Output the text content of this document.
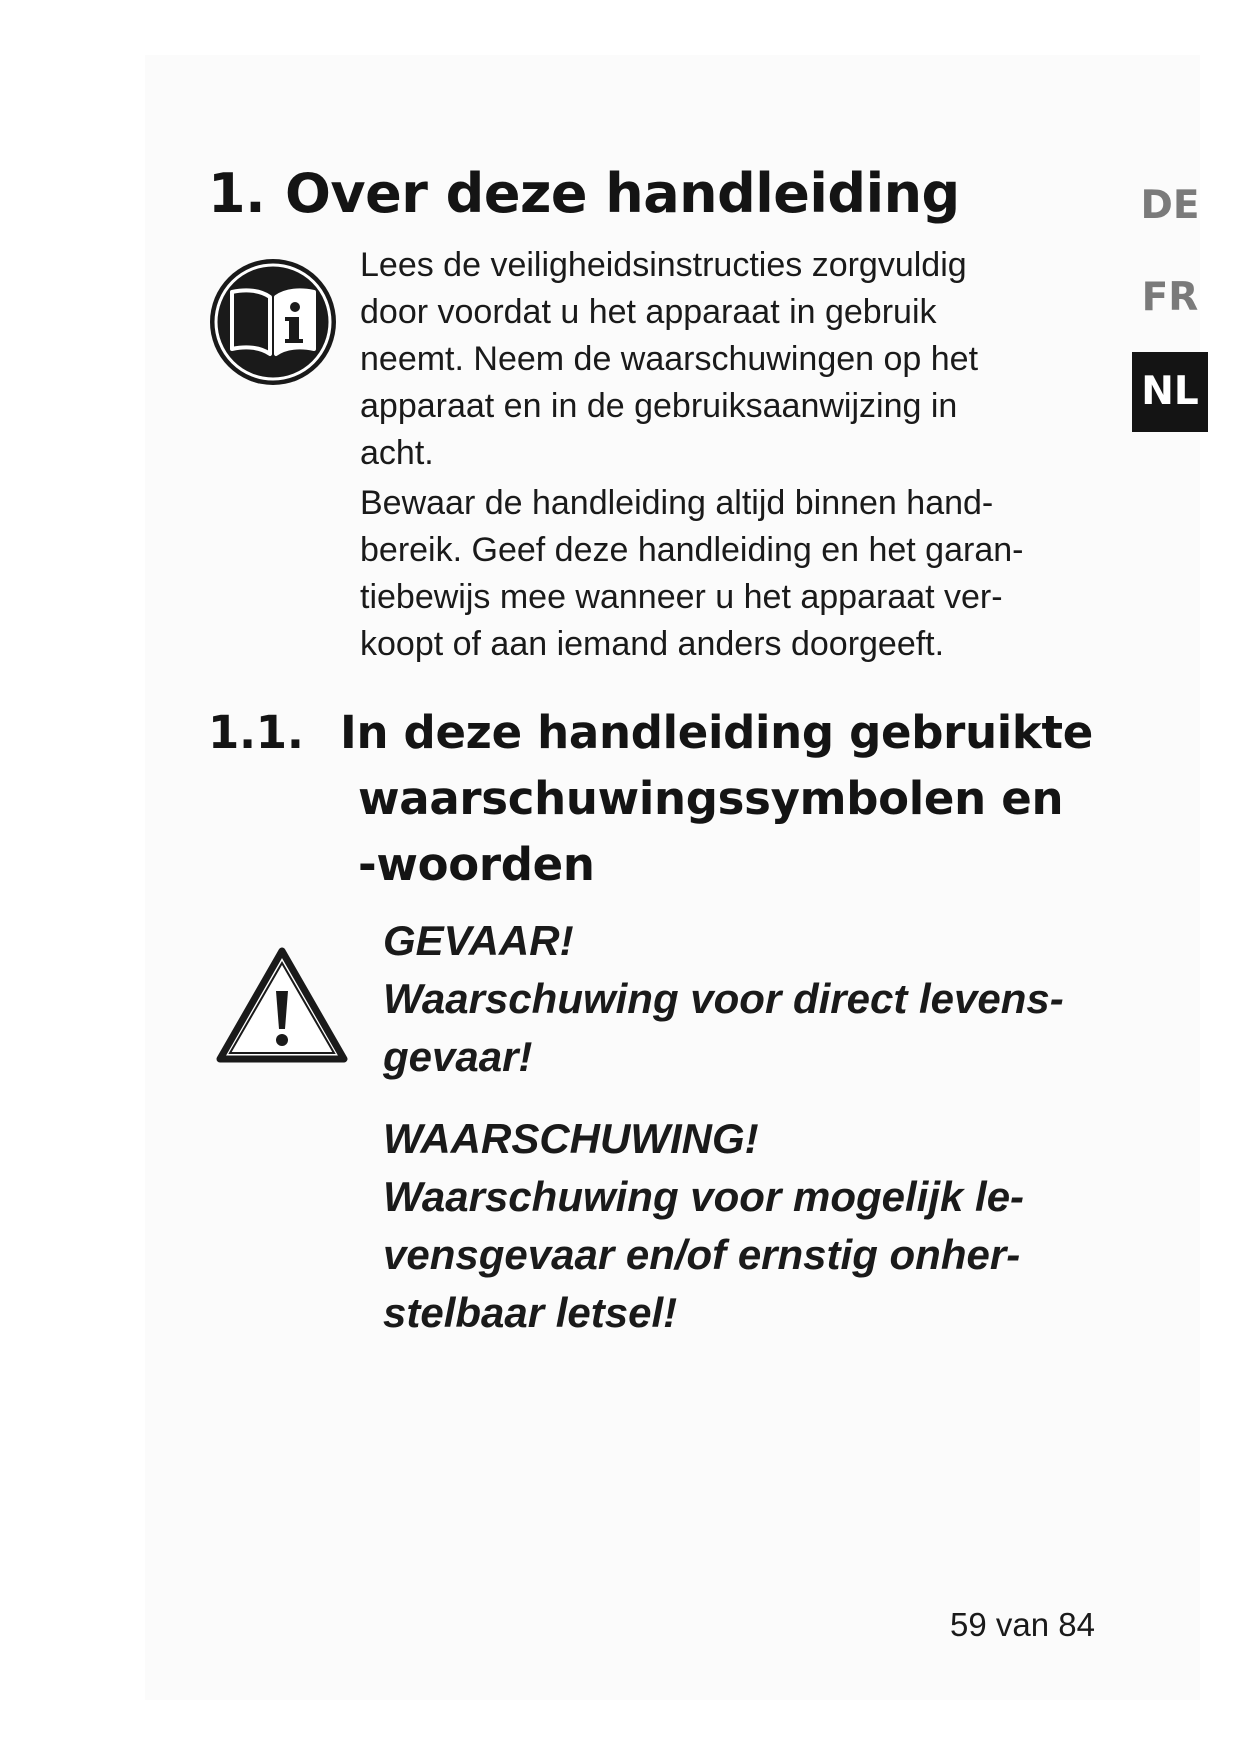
1. Over deze handleiding	DE
FR
NL

Lees de veiligheidsinstructies zorgvuldig
door voordat u het apparaat in gebruik
neemt. Neem de waarschuwingen op het
apparaat en in de gebruiksaanwijzing in
acht.

Bewaar de handleiding altijd binnen hand-
bereik. Geef deze handleiding en het garan-
tiebewijs mee wanneer u het apparaat ver-
koopt of aan iemand anders doorgeeft.

1.1. In deze handleiding gebruikte
waarschuwingssymbolen en
-woorden

GEVAAR!
Waarschuwing voor direct levens-
gevaar!

WAARSCHUWING!
Waarschuwing voor mogelijk le-
vensgevaar en/of ernstig onher-
stelbaar letsel!

59 van 84
